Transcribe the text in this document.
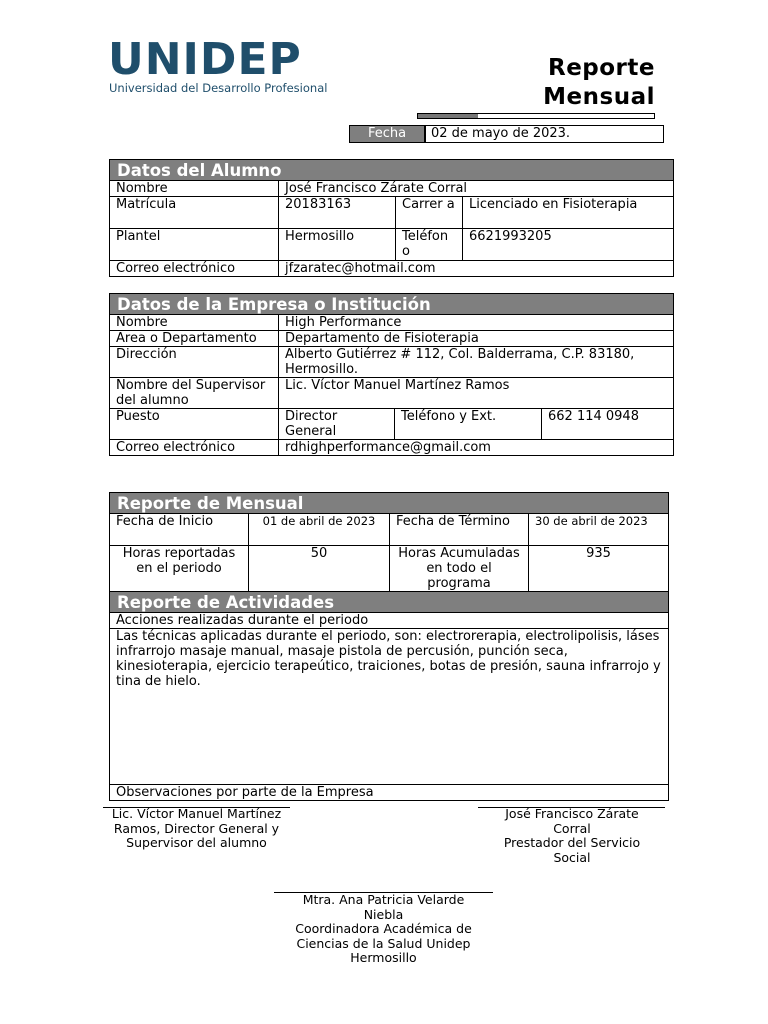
UNIDEP
Universidad del Desarrollo Profesional
Reporte
Mensual
Fecha	02 de mayo de 2023.
Datos del Alumno			
Nombre	José Francisco Zárate Corral		
Matrícula	20183163	Carrer a	Licenciado en Fisioterapia
Plantel	Hermosillo	Teléfon o	6621993205
Correo electrónico	jfzaratec@hotmail.com		
Datos de la Empresa o Institución			
Nombre	High Performance		
Area o Departamento	Departamento de Fisioterapia		
Dirección	Alberto Gutiérrez # 112, Col. Balderrama, C.P. 83180, Hermosillo.		
Nombre del Supervisor del alumno	Lic. Víctor Manuel Martínez Ramos		
Puesto	Director General	Teléfono y Ext.	662 114 0948
Correo electrónico	rdhighperformance@gmail.com		
Reporte de Mensual			
Fecha de Inicio	01 de abril de 2023	Fecha de Término	30 de abril de 2023
Horas reportadas en el periodo	50	Horas Acumuladas en todo el programa	935
Reporte de Actividades			
Acciones realizadas durante el periodo			
Las técnicas aplicadas durante el periodo, son: electrorerapia, electrolipolisis, láses infrarrojo masaje manual, masaje pistola de percusión, punción seca, kinesioterapia, ejercicio terapeútico, traiciones, botas de presión, sauna infrarrojo y tina de hielo.			
Observaciones por parte de la Empresa			
Lic. Víctor Manuel Martínez Ramos, Director General y Supervisor del alumno
José Francisco Zárate Corral
Prestador del Servicio Social
Mtra. Ana Patricia Velarde Niebla
Coordinadora Académica de Ciencias de la Salud Unidep Hermosillo
